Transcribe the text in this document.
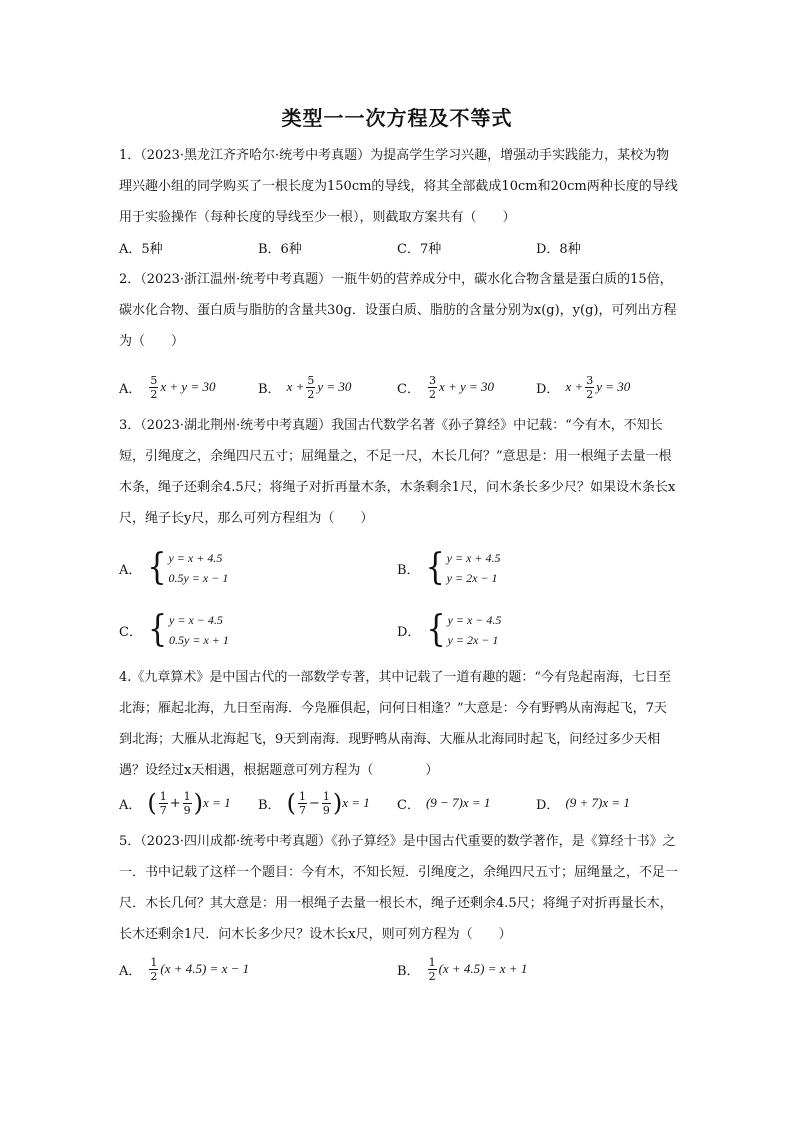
类型一一次方程及不等式
1．（2023·黑龙江齐齐哈尔·统考中考真题）为提高学生学习兴趣，增强动手实践能力，某校为物理兴趣小组的同学购买了一根长度为150cm的导线，将其全部截成10cm和20cm两种长度的导线用于实验操作（每种长度的导线至少一根），则截取方案共有（　　）
A．5种	B．6种	C．7种	D．8种
2．（2023·浙江温州·统考中考真题）一瓶牛奶的营养成分中，碳水化合物含量是蛋白质的15倍，碳水化合物、蛋白质与脂肪的含量共30g．设蛋白质、脂肪的含量分别为x(g)，y(g)，可列出方程为（　　）
A． $\frac{5}{2}$ x + y = 30	B． $x + \frac{5}{2}$ y = 30	C． $\frac{3}{2}$ x + y = 30	D． $x + \frac{3}{2}$ y = 30
3．（2023·湖北荆州·统考中考真题）我国古代数学名著《孙子算经》中记载：“今有木，不知长短，引绳度之，余绳四尺五寸；屈绳量之，不足一尺，木长几何？”意思是：用一根绳子去量一根木条，绳子还剩余4.5尺；将绳子对折再量木条，木条剩余1尺，问木条长多少尺？如果设木条长x尺，绳子长y尺，那么可列方程组为（　　）
A． { y = x + 4.5
0.5y = x − 1
B． { y = x + 4.5
y = 2x − 1
C． { y = x − 4.5
0.5y = x + 1
D． { y = x − 4.5
y = 2x − 1
4.《九章算术》是中国古代的一部数学专著，其中记载了一道有趣的题：“今有凫起南海，七日至北海；雁起北海，九日至南海．今凫雁俱起，问何日相逢？”大意是：今有野鸭从南海起飞，7天到北海；大雁从北海起飞，9天到南海．现野鸭从南海、大雁从北海同时起飞，问经过多少天相遇？设经过x天相遇，根据题意可列方程为（　　　　）
A． ( $\frac{1}{7} + \frac{1}{9}$ ) x = 1 B． ( $\frac{1}{7} - \frac{1}{9}$ ) x = 1 C． (9 − 7)x = 1	D． (9 + 7)x = 1
5．（2023·四川成都·统考中考真题）《孙子算经》是中国古代重要的数学著作，是《算经十书》之一．书中记载了这样一个题目：今有木，不知长短．引绳度之，余绳四尺五寸；屈绳量之，不足一尺．木长几何？其大意是：用一根绳子去量一根长木，绳子还剩余4.5尺；将绳子对折再量长木，长木还剩余1尺．问木长多少尺？设木长x尺，则可列方程为（　　）
A． $\frac{1}{2} (x + 4.5) = x - 1$	B． $\frac{1}{2} (x + 4.5) = x + 1$
